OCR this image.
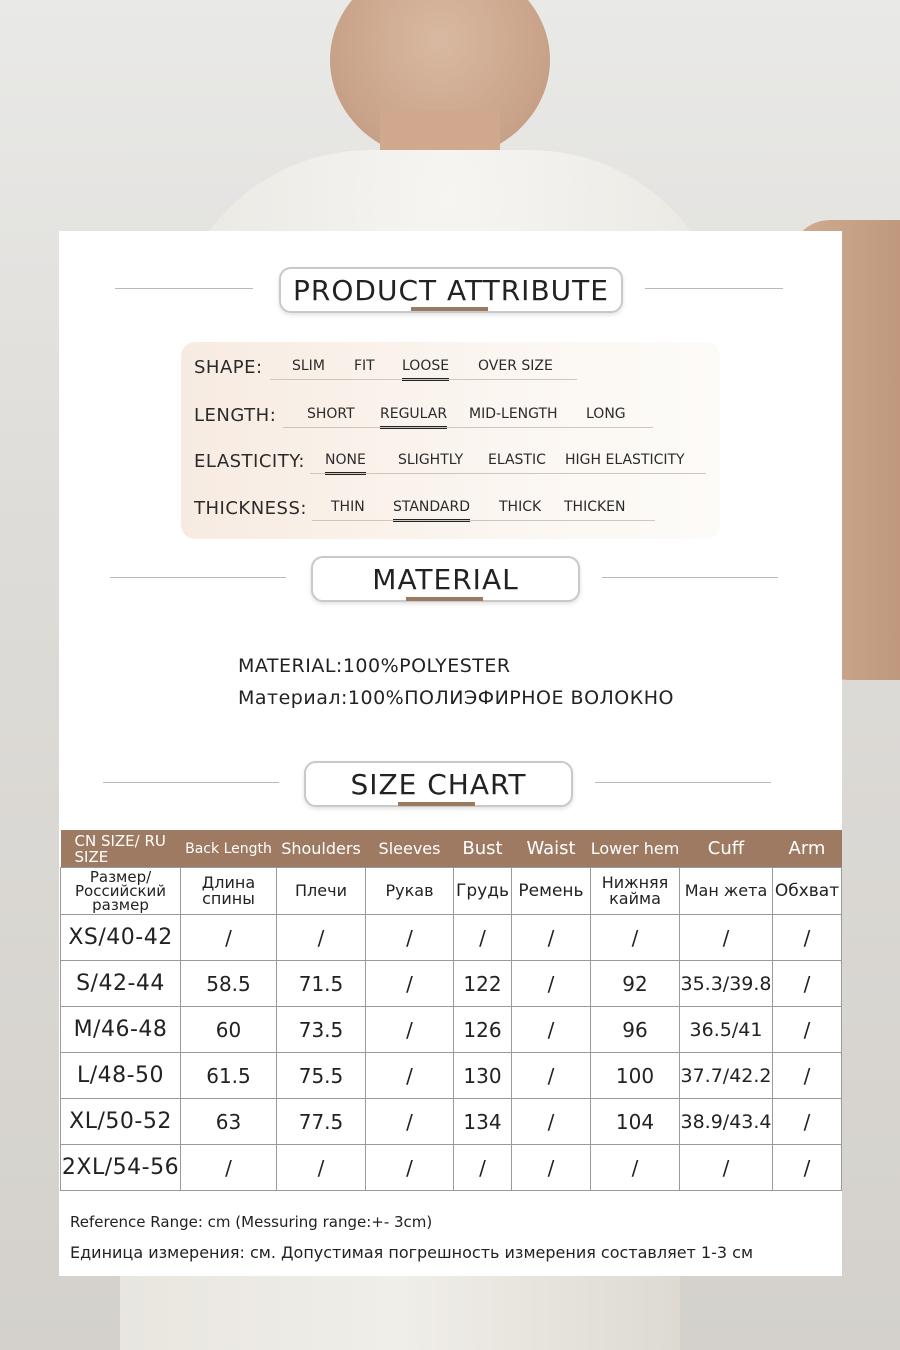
PRODUCT ATTRIBUTE
SHAPE: SLIM FIT LOOSE OVER SIZE
LENGTH: SHORT REGULAR MID-LENGTH LONG
ELASTICITY: NONE SLIGHTLY ELASTIC HIGH ELASTICITY
THICKNESS: THIN STANDARD THICK THICKEN
MATERIAL
MATERIAL:100%POLYESTER
Материал:100%ПОЛИЭФИРНОЕ ВОЛОКНО
SIZE CHART
CN SIZE/ RU SIZE	Back Length	Shoulders	Sleeves	Bust	Waist	Lower hem	Cuff	Arm
Размер/ Российский размер	Длина спины	Плечи	Рукав	Грудь	Ремень	Нижняя кайма	Ман жета	Обхват
XS/40-42	/	/	/	/	/	/	/	/
S/42-44	58.5	71.5	/	122	/	92	35.3/39.8	/
M/46-48	60	73.5	/	126	/	96	36.5/41	/
L/48-50	61.5	75.5	/	130	/	100	37.7/42.2	/
XL/50-52	63	77.5	/	134	/	104	38.9/43.4	/
2XL/54-56	/	/	/	/	/	/	/	/
Reference Range: cm (Messuring range:+- 3cm)
Единица измерения: см. Допустимая погрешность измерения составляет 1-3 см
